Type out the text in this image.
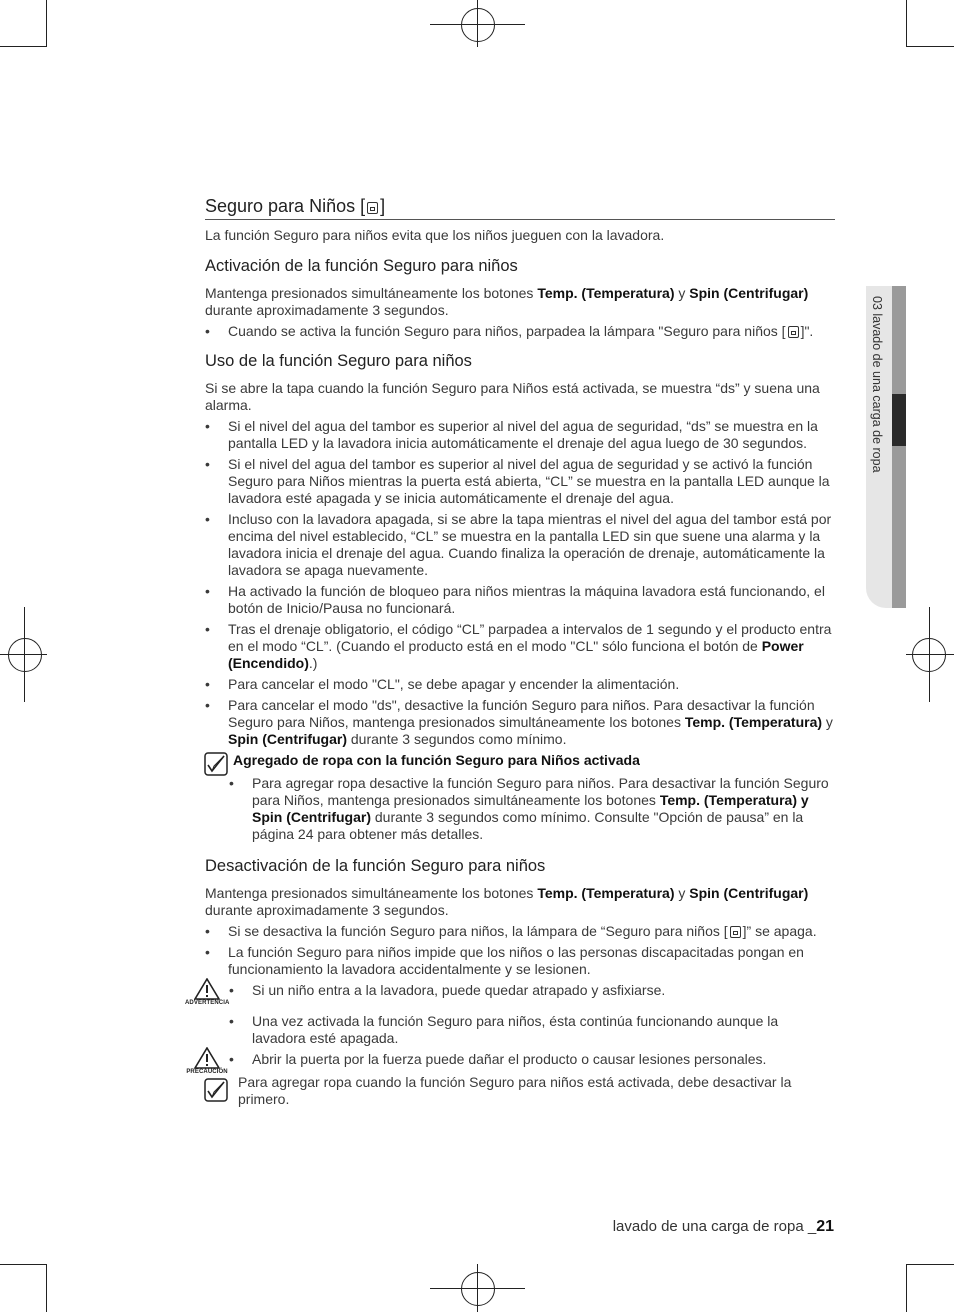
03 lavado de una carga de ropa
Seguro para Niños [ ]

La función Seguro para niños evita que los niños jueguen con la lavadora.

Activación de la función Seguro para niños

Mantenga presionados simultáneamente los botones Temp. (Temperatura) y Spin (Centrifugar) durante aproximadamente 3 segundos.

• Cuando se activa la función Seguro para niños, parpadea la lámpara "Seguro para niños [ ]".
Uso de la función Seguro para niños

Si se abre la tapa cuando la función Seguro para Niños está activada, se muestra “ds” y suena una alarma.

• Si el nivel del agua del tambor es superior al nivel del agua de seguridad, “ds” se muestra en la pantalla LED y la lavadora inicia automáticamente el drenaje del agua luego de 30 segundos.
• Si el nivel del agua del tambor es superior al nivel del agua de seguridad y se activó la función Seguro para Niños mientras la puerta está abierta, “CL” se muestra en la pantalla LED aunque la lavadora esté apagada y se inicia automáticamente el drenaje del agua.
• Incluso con la lavadora apagada, si se abre la tapa mientras el nivel del agua del tambor está por encima del nivel establecido, “CL” se muestra en la pantalla LED sin que suene una alarma y la lavadora inicia el drenaje del agua. Cuando finaliza la operación de drenaje, automáticamente la lavadora se apaga nuevamente.
• Ha activado la función de bloqueo para niños mientras la máquina lavadora está funcionando, el botón de Inicio/Pausa no funcionará.
• Tras el drenaje obligatorio, el código “CL” parpadea a intervalos de 1 segundo y el producto entra en el modo “CL”. (Cuando el producto está en el modo "CL" sólo funciona el botón de Power (Encendido).)
• Para cancelar el modo "CL", se debe apagar y encender la alimentación.
• Para cancelar el modo "ds", desactive la función Seguro para niños. Para desactivar la función Seguro para Niños, mantenga presionados simultáneamente los botones Temp. (Temperatura) y Spin (Centrifugar) durante 3 segundos como mínimo.
Agregado de ropa con la función Seguro para Niños activada
• Para agregar ropa desactive la función Seguro para niños. Para desactivar la función Seguro para Niños, mantenga presionados simultáneamente los botones Temp. (Temperatura) y Spin (Centrifugar) durante 3 segundos como mínimo. Consulte "Opción de pausa” en la página 24 para obtener más detalles.
Desactivación de la función Seguro para niños

Mantenga presionados simultáneamente los botones Temp. (Temperatura) y Spin (Centrifugar) durante aproximadamente 3 segundos.

• Si se desactiva la función Seguro para niños, la lámpara de “Seguro para niños [ ]” se apaga.
• La función Seguro para niños impide que los niños o las personas discapacitadas pongan en funcionamiento la lavadora accidentalmente y se lesionen.
ADVERTENCIA
• Si un niño entra a la lavadora, puede quedar atrapado y asfixiarse.
• Una vez activada la función Seguro para niños, ésta continúa funcionando aunque la lavadora esté apagada.
PRECAUCIÓN
• Abrir la puerta por la fuerza puede dañar el producto o causar lesiones personales.
Para agregar ropa cuando la función Seguro para niños está activada, debe desactivar la primero.
lavado de una carga de ropa _21
